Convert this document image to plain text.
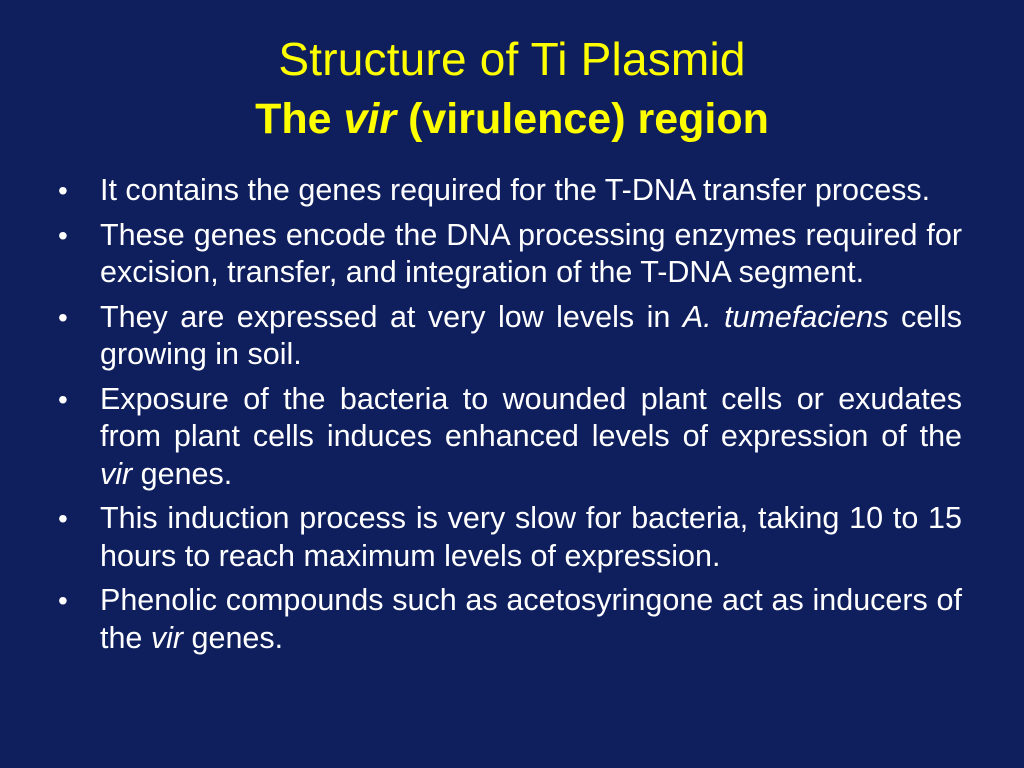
Structure of Ti Plasmid
The vir (virulence) region
• It contains the genes required for the T-DNA transfer process.
• These genes encode the DNA processing enzymes required for excision, transfer, and integration of the T-DNA segment.
• They are expressed at very low levels in A. tumefaciens cells growing in soil.
• Exposure of the bacteria to wounded plant cells or exudates from plant cells induces enhanced levels of expression of the vir genes.
• This induction process is very slow for bacteria, taking 10 to 15 hours to reach maximum levels of expression.
• Phenolic compounds such as acetosyringone act as inducers of the vir genes.
